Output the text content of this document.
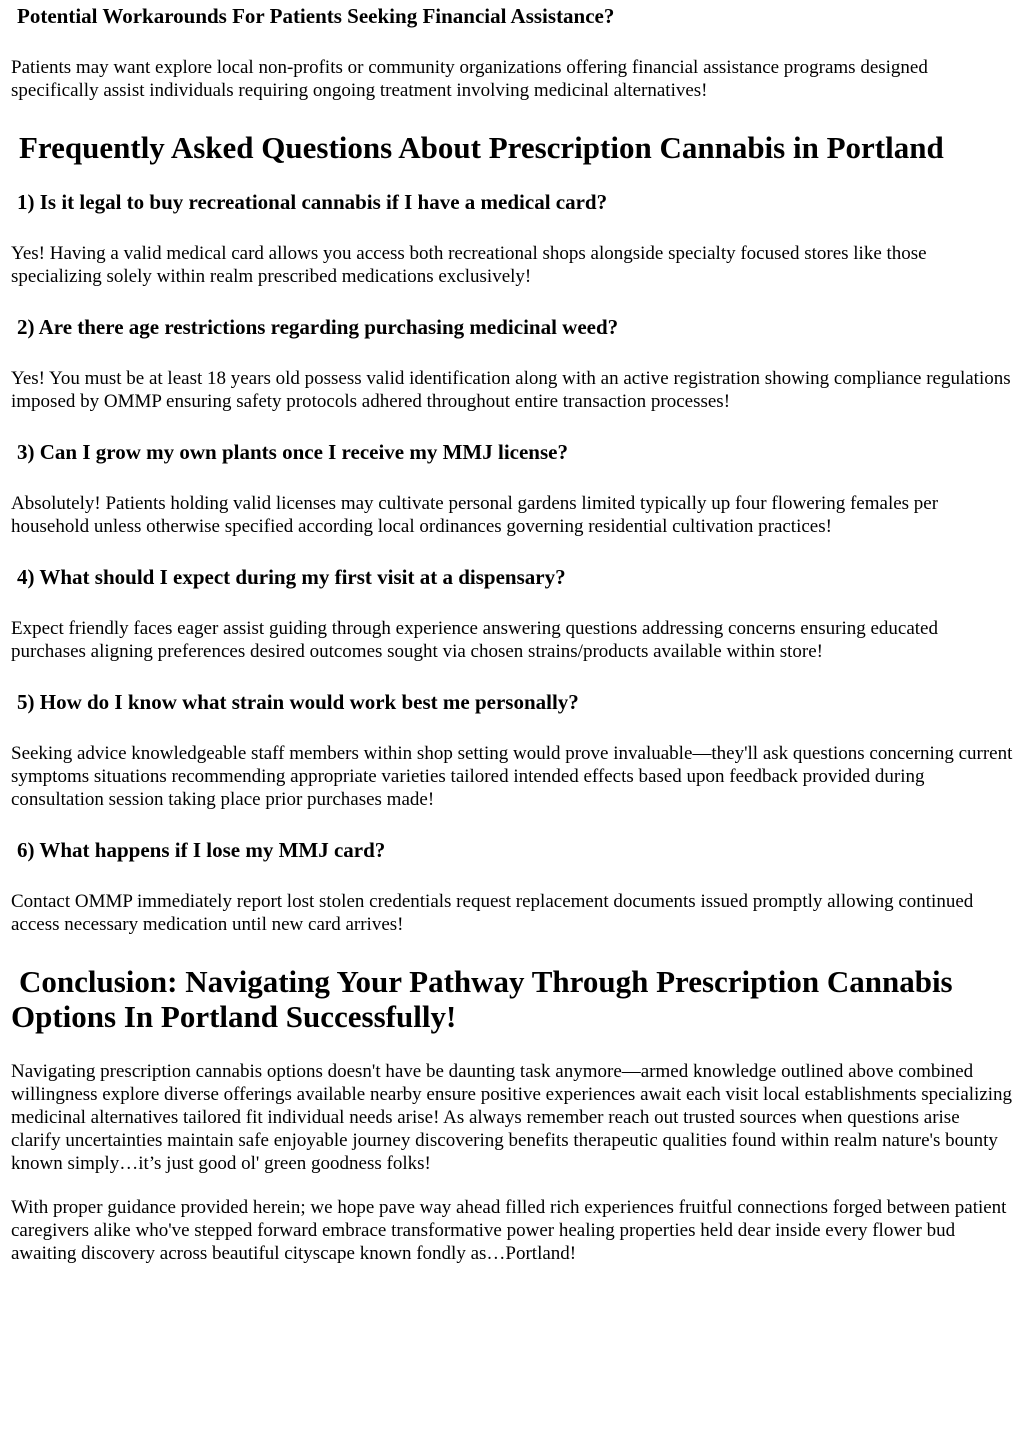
Potential Workarounds For Patients Seeking Financial Assistance?

Patients may want explore local non-profits or community organizations offering financial assistance programs designed specifically assist individuals requiring ongoing treatment involving medicinal alternatives!

Frequently Asked Questions About Prescription Cannabis in Portland
1) Is it legal to buy recreational cannabis if I have a medical card?

Yes! Having a valid medical card allows you access both recreational shops alongside specialty focused stores like those specializing solely within realm prescribed medications exclusively!

2) Are there age restrictions regarding purchasing medicinal weed?

Yes! You must be at least 18 years old possess valid identification along with an active registration showing compliance regulations imposed by OMMP ensuring safety protocols adhered throughout entire transaction processes!

3) Can I grow my own plants once I receive my MMJ license?

Absolutely! Patients holding valid licenses may cultivate personal gardens limited typically up four flowering females per household unless otherwise specified according local ordinances governing residential cultivation practices!

4) What should I expect during my first visit at a dispensary?

Expect friendly faces eager assist guiding through experience answering questions addressing concerns ensuring educated purchases aligning preferences desired outcomes sought via chosen strains/products available within store!

5) How do I know what strain would work best me personally?

Seeking advice knowledgeable staff members within shop setting would prove invaluable—they'll ask questions concerning current symptoms situations recommending appropriate varieties tailored intended effects based upon feedback provided during consultation session taking place prior purchases made!

6) What happens if I lose my MMJ card?

Contact OMMP immediately report lost stolen credentials request replacement documents issued promptly allowing continued access necessary medication until new card arrives!

Conclusion: Navigating Your Pathway Through Prescription Cannabis
Options In Portland Successfully!

Navigating prescription cannabis options doesn't have be daunting task anymore—armed knowledge outlined above combined willingness explore diverse offerings available nearby ensure positive experiences await each visit local establishments specializing medicinal alternatives tailored fit individual needs arise! As always remember reach out trusted sources when questions arise clarify uncertainties maintain safe enjoyable journey discovering benefits therapeutic qualities found within realm nature's bounty known simply…it’s just good ol' green goodness folks!

With proper guidance provided herein; we hope pave way ahead filled rich experiences fruitful connections forged between patient caregivers alike who've stepped forward embrace transformative power healing properties held dear inside every flower bud awaiting discovery across beautiful cityscape known fondly as…Portland!
